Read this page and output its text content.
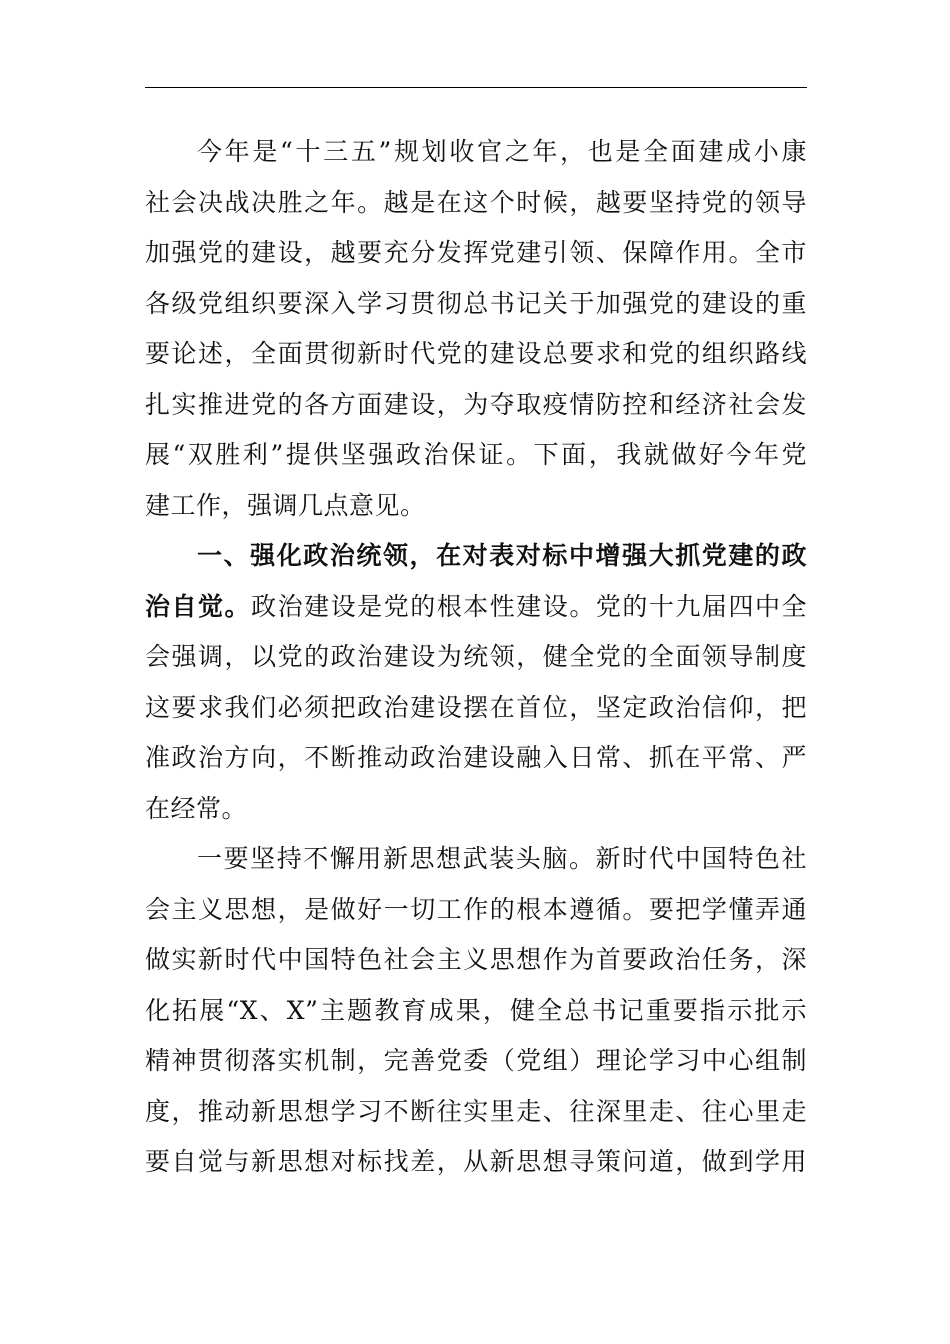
今年是“十三五”规划收官之年，也是全面建成小康
社会决战决胜之年。越是在这个时候，越要坚持党的领导
加强党的建设，越要充分发挥党建引领、保障作用。全市
各级党组织要深入学习贯彻总书记关于加强党的建设的重
要论述，全面贯彻新时代党的建设总要求和党的组织路线
扎实推进党的各方面建设，为夺取疫情防控和经济社会发
展“双胜利”提供坚强政治保证。下面，我就做好今年党
建工作，强调几点意见。
一、强化政治统领，在对表对标中增强大抓党建的政
治自觉。政治建设是党的根本性建设。党的十九届四中全
会强调，以党的政治建设为统领，健全党的全面领导制度
这要求我们必须把政治建设摆在首位，坚定政治信仰，把
准政治方向，不断推动政治建设融入日常、抓在平常、严
在经常。
一要坚持不懈用新思想武装头脑。新时代中国特色社
会主义思想，是做好一切工作的根本遵循。要把学懂弄通
做实新时代中国特色社会主义思想作为首要政治任务，深
化拓展“X、X”主题教育成果，健全总书记重要指示批示
精神贯彻落实机制，完善党委（党组）理论学习中心组制
度，推动新思想学习不断往实里走、往深里走、往心里走
要自觉与新思想对标找差，从新思想寻策问道，做到学用
